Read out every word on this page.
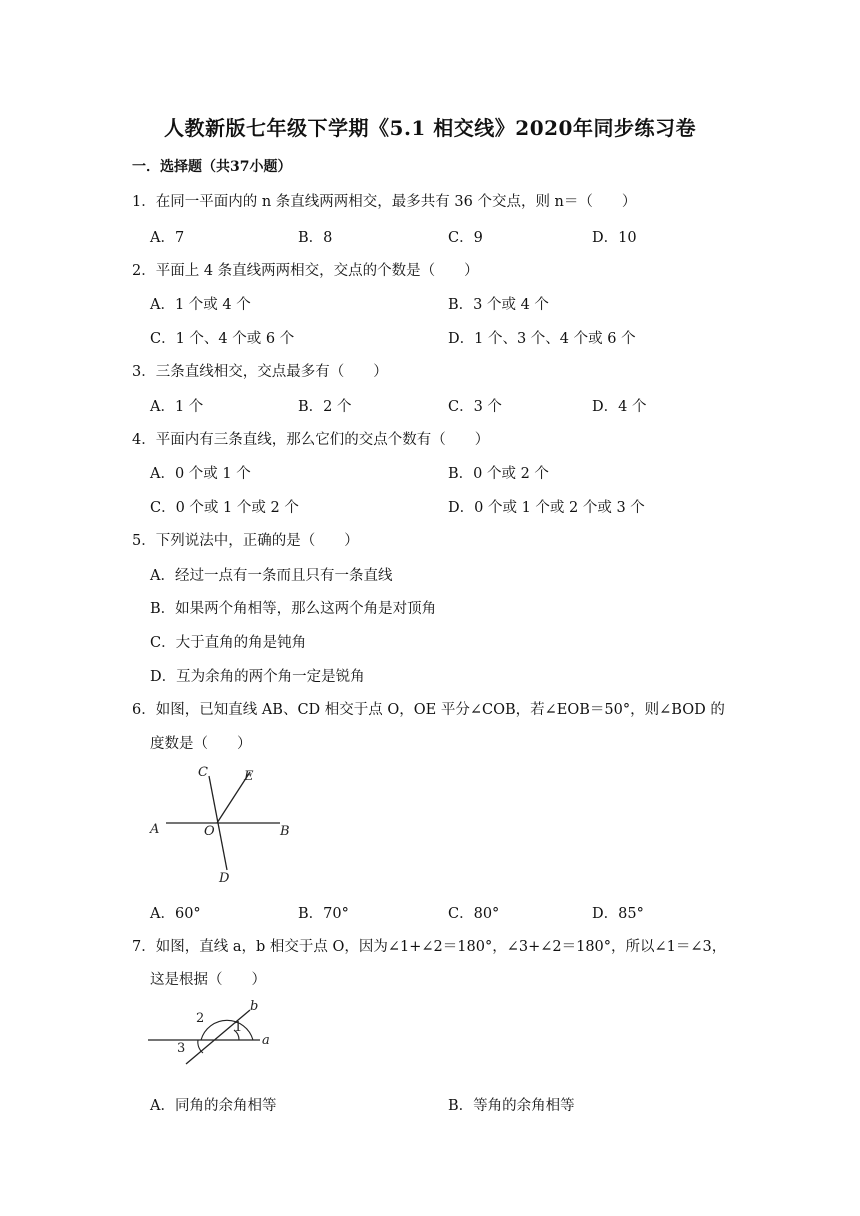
人教新版七年级下学期《5.1 相交线》2020年同步练习卷
一．选择题（共37小题）
1．在同一平面内的 n 条直线两两相交，最多共有 36 个交点，则 n＝（　　）
A．7	B．8	C．9	D．10
2．平面上 4 条直线两两相交，交点的个数是（　　）
A．1 个或 4 个	B．3 个或 4 个
C．1 个、4 个或 6 个	D．1 个、3 个、4 个或 6 个
3．三条直线相交，交点最多有（　　）
A．1 个	B．2 个	C．3 个	D．4 个
4．平面内有三条直线，那么它们的交点个数有（　　）
A．0 个或 1 个	B．0 个或 2 个
C．0 个或 1 个或 2 个	D．0 个或 1 个或 2 个或 3 个
5．下列说法中，正确的是（　　）
A．经过一点有一条而且只有一条直线
B．如果两个角相等，那么这两个角是对顶角
C．大于直角的角是钝角
D．互为余角的两个角一定是锐角
6．如图，已知直线 AB、CD 相交于点 O，OE 平分∠COB，若∠EOB＝50°，则∠BOD 的
度数是（　　）
C	E
A	O	B
D
A．60°	B．70°	C．80°	D．85°
7．如图，直线 a，b 相交于点 O，因为∠1+∠2＝180°，∠3+∠2＝180°，所以∠1＝∠3，
这是根据（　　）
2
1
3
b
a
A．同角的余角相等	B．等角的余角相等
